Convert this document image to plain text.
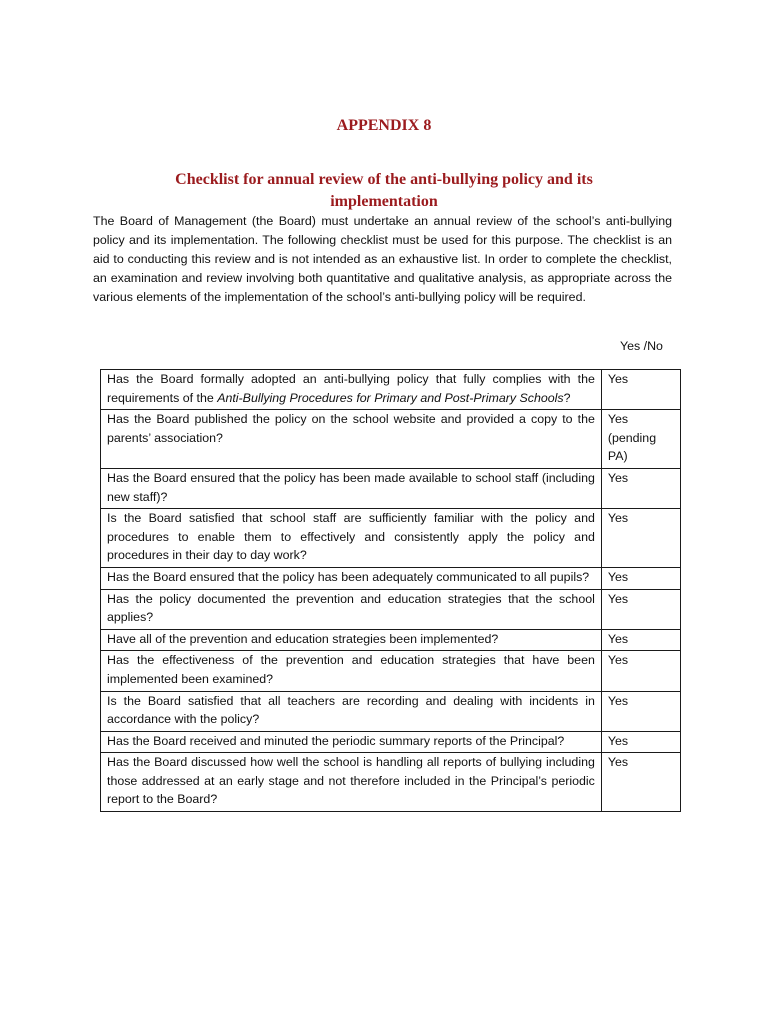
APPENDIX 8
Checklist for annual review of the anti-bullying policy and its implementation

The Board of Management (the Board) must undertake an annual review of the school’s anti-bullying policy and its implementation. The following checklist must be used for this purpose. The checklist is an aid to conducting this review and is not intended as an exhaustive list. In order to complete the checklist, an examination and review involving both quantitative and qualitative analysis, as appropriate across the various elements of the implementation of the school’s anti-bullying policy will be required.

Yes /No
Has the Board formally adopted an anti-bullying policy that fully complies with the requirements of the Anti-Bullying Procedures for Primary and Post-Primary Schools?	Yes
Has the Board published the policy on the school website and provided a copy to the parents’ association?	Yes
(pending
PA)

Has the Board ensured that the policy has been made available to school staff (including new staff)?	Yes
Is the Board satisfied that school staff are sufficiently familiar with the policy and procedures to enable them to effectively and consistently apply the policy and procedures in their day to day work?	Yes
Has the Board ensured that the policy has been adequately communicated to all pupils?	Yes
Has the policy documented the prevention and education strategies that the school applies?	Yes
Have all of the prevention and education strategies been implemented?	Yes
Has the effectiveness of the prevention and education strategies that have been implemented been examined?	Yes
Is the Board satisfied that all teachers are recording and dealing with incidents in accordance with the policy?	Yes
Has the Board received and minuted the periodic summary reports of the Principal?	Yes
Has the Board discussed how well the school is handling all reports of bullying including those addressed at an early stage and not therefore included in the Principal’s periodic report to the Board?	Yes
